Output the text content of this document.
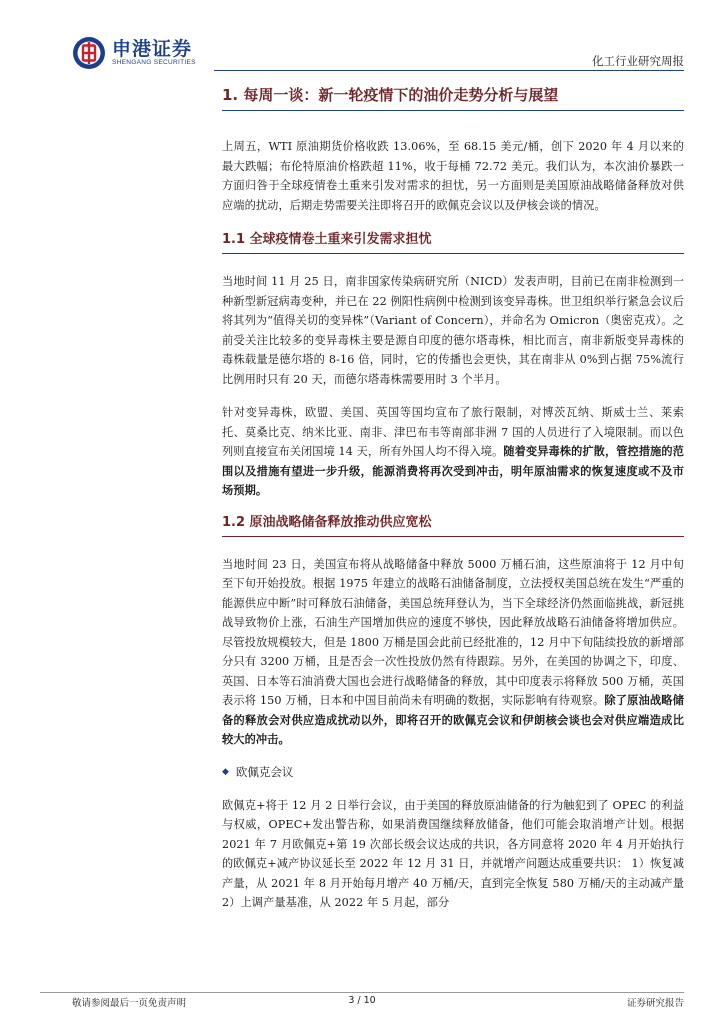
申港证券
SHENGANG SECURITIES	化工行业研究周报
1. 每周一谈：新一轮疫情下的油价走势分析与展望

上周五，WTI 原油期货价格收跌 13.06%，至 68.15 美元/桶，创下 2020 年 4 月以来的最大跌幅；布伦特原油价格跌超 11%，收于每桶 72.72 美元。我们认为，本次油价暴跌一方面归咎于全球疫情卷土重来引发对需求的担忧，另一方面则是美国原油战略储备释放对供应端的扰动，后期走势需要关注即将召开的欧佩克会议以及伊核会谈的情况。

1.1 全球疫情卷土重来引发需求担忧

当地时间 11 月 25 日，南非国家传染病研究所（NICD）发表声明，目前已在南非检测到一种新型新冠病毒变种，并已在 22 例阳性病例中检测到该变异毒株。世卫组织举行紧急会议后将其列为“值得关切的变异株”（Variant of Concern），并命名为 Omicron（奥密克戎）。之前受关注比较多的变异毒株主要是源自印度的德尔塔毒株，相比而言，南非新版变异毒株的毒株载量是德尔塔的 8-16 倍，同时，它的传播也会更快，其在南非从 0%到占据 75%流行比例用时只有 20 天，而德尔塔毒株需要用时 3 个半月。

针对变异毒株，欧盟、美国、英国等国均宣布了旅行限制，对博茨瓦纳、斯威士兰、莱索托、莫桑比克、纳米比亚、南非、津巴布韦等南部非洲 7 国的人员进行了入境限制。而以色列则直接宣布关闭国境 14 天，所有外国人均不得入境。随着变异毒株的扩散，管控措施的范围以及措施有望进一步升级，能源消费将再次受到冲击，明年原油需求的恢复速度或不及市场预期。

1.2 原油战略储备释放推动供应宽松

当地时间 23 日，美国宣布将从战略储备中释放 5000 万桶石油，这些原油将于 12 月中旬至下旬开始投放。根据 1975 年建立的战略石油储备制度，立法授权美国总统在发生“严重的能源供应中断”时可释放石油储备，美国总统拜登认为，当下全球经济仍然面临挑战，新冠挑战导致物价上涨，石油生产国增加供应的速度不够快，因此释放战略石油储备将增加供应。尽管投放规模较大，但是 1800 万桶是国会此前已经批准的，12 月中下旬陆续投放的新增部分只有 3200 万桶，且是否会一次性投放仍然有待跟踪。另外，在美国的协调之下，印度、英国、日本等石油消费大国也会进行战略储备的释放，其中印度表示将释放 500 万桶，英国表示将 150 万桶，日本和中国目前尚未有明确的数据，实际影响有待观察。除了原油战略储备的释放会对供应造成扰动以外，即将召开的欧佩克会议和伊朗核会谈也会对供应端造成比较大的冲击。

◆ 欧佩克会议

欧佩克+将于 12 月 2 日举行会议，由于美国的释放原油储备的行为触犯到了 OPEC 的利益与权威，OPEC+发出警告称，如果消费国继续释放储备，他们可能会取消增产计划。根据 2021 年 7 月欧佩克+第 19 次部长级会议达成的共识，各方同意将 2020 年 4 月开始执行的欧佩克+减产协议延长至 2022 年 12 月 31 日，并就增产问题达成重要共识： 1）恢复减产量，从 2021 年 8 月开始每月增产 40 万桶/天，直到完全恢复 580 万桶/天的主动减产量 2）上调产量基准，从 2022 年 5 月起，部分

敬请参阅最后一页免责声明	3 / 10	证券研究报告
